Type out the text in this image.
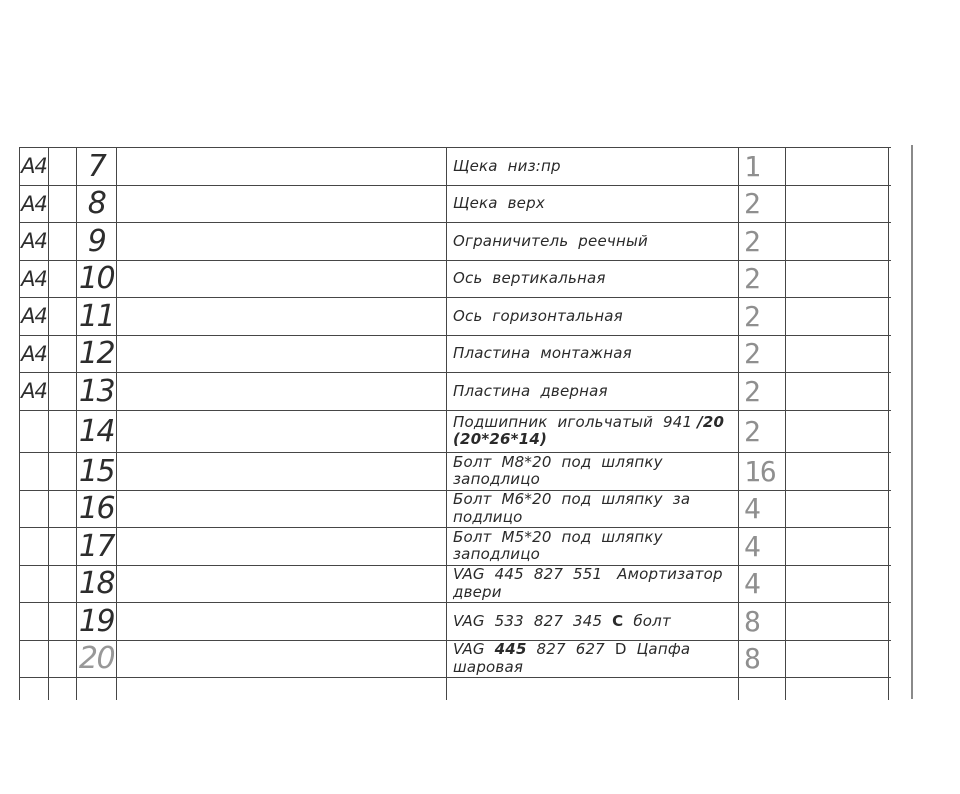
A4	7	Щека  низ:пр	1
A4	8	Щека  верх	2
A4	9	Ограничитель  реечный	2
A4 10	Ось  вертикальная	2
A4 11	Ось  горизонтальная	2
A4 12	Пластина  монтажная	2
A4 13	Пластина  дверная	2
14	Подшипник  игольчатый  941 /20
(20*26*14)	2
15	Болт  М8*20  под  шляпку
заподлицо	16
16	Болт  М6*20  под  шляпку  за
подлицо	4
17	Болт  М5*20  под  шляпку
заподлицо	4
18	VAG  445  827  551   Амортизатор
двери	4
19	VAG  533  827  345  C  болт	8
20	VAG  445  827  627  D  Цапфа
шаровая	8
